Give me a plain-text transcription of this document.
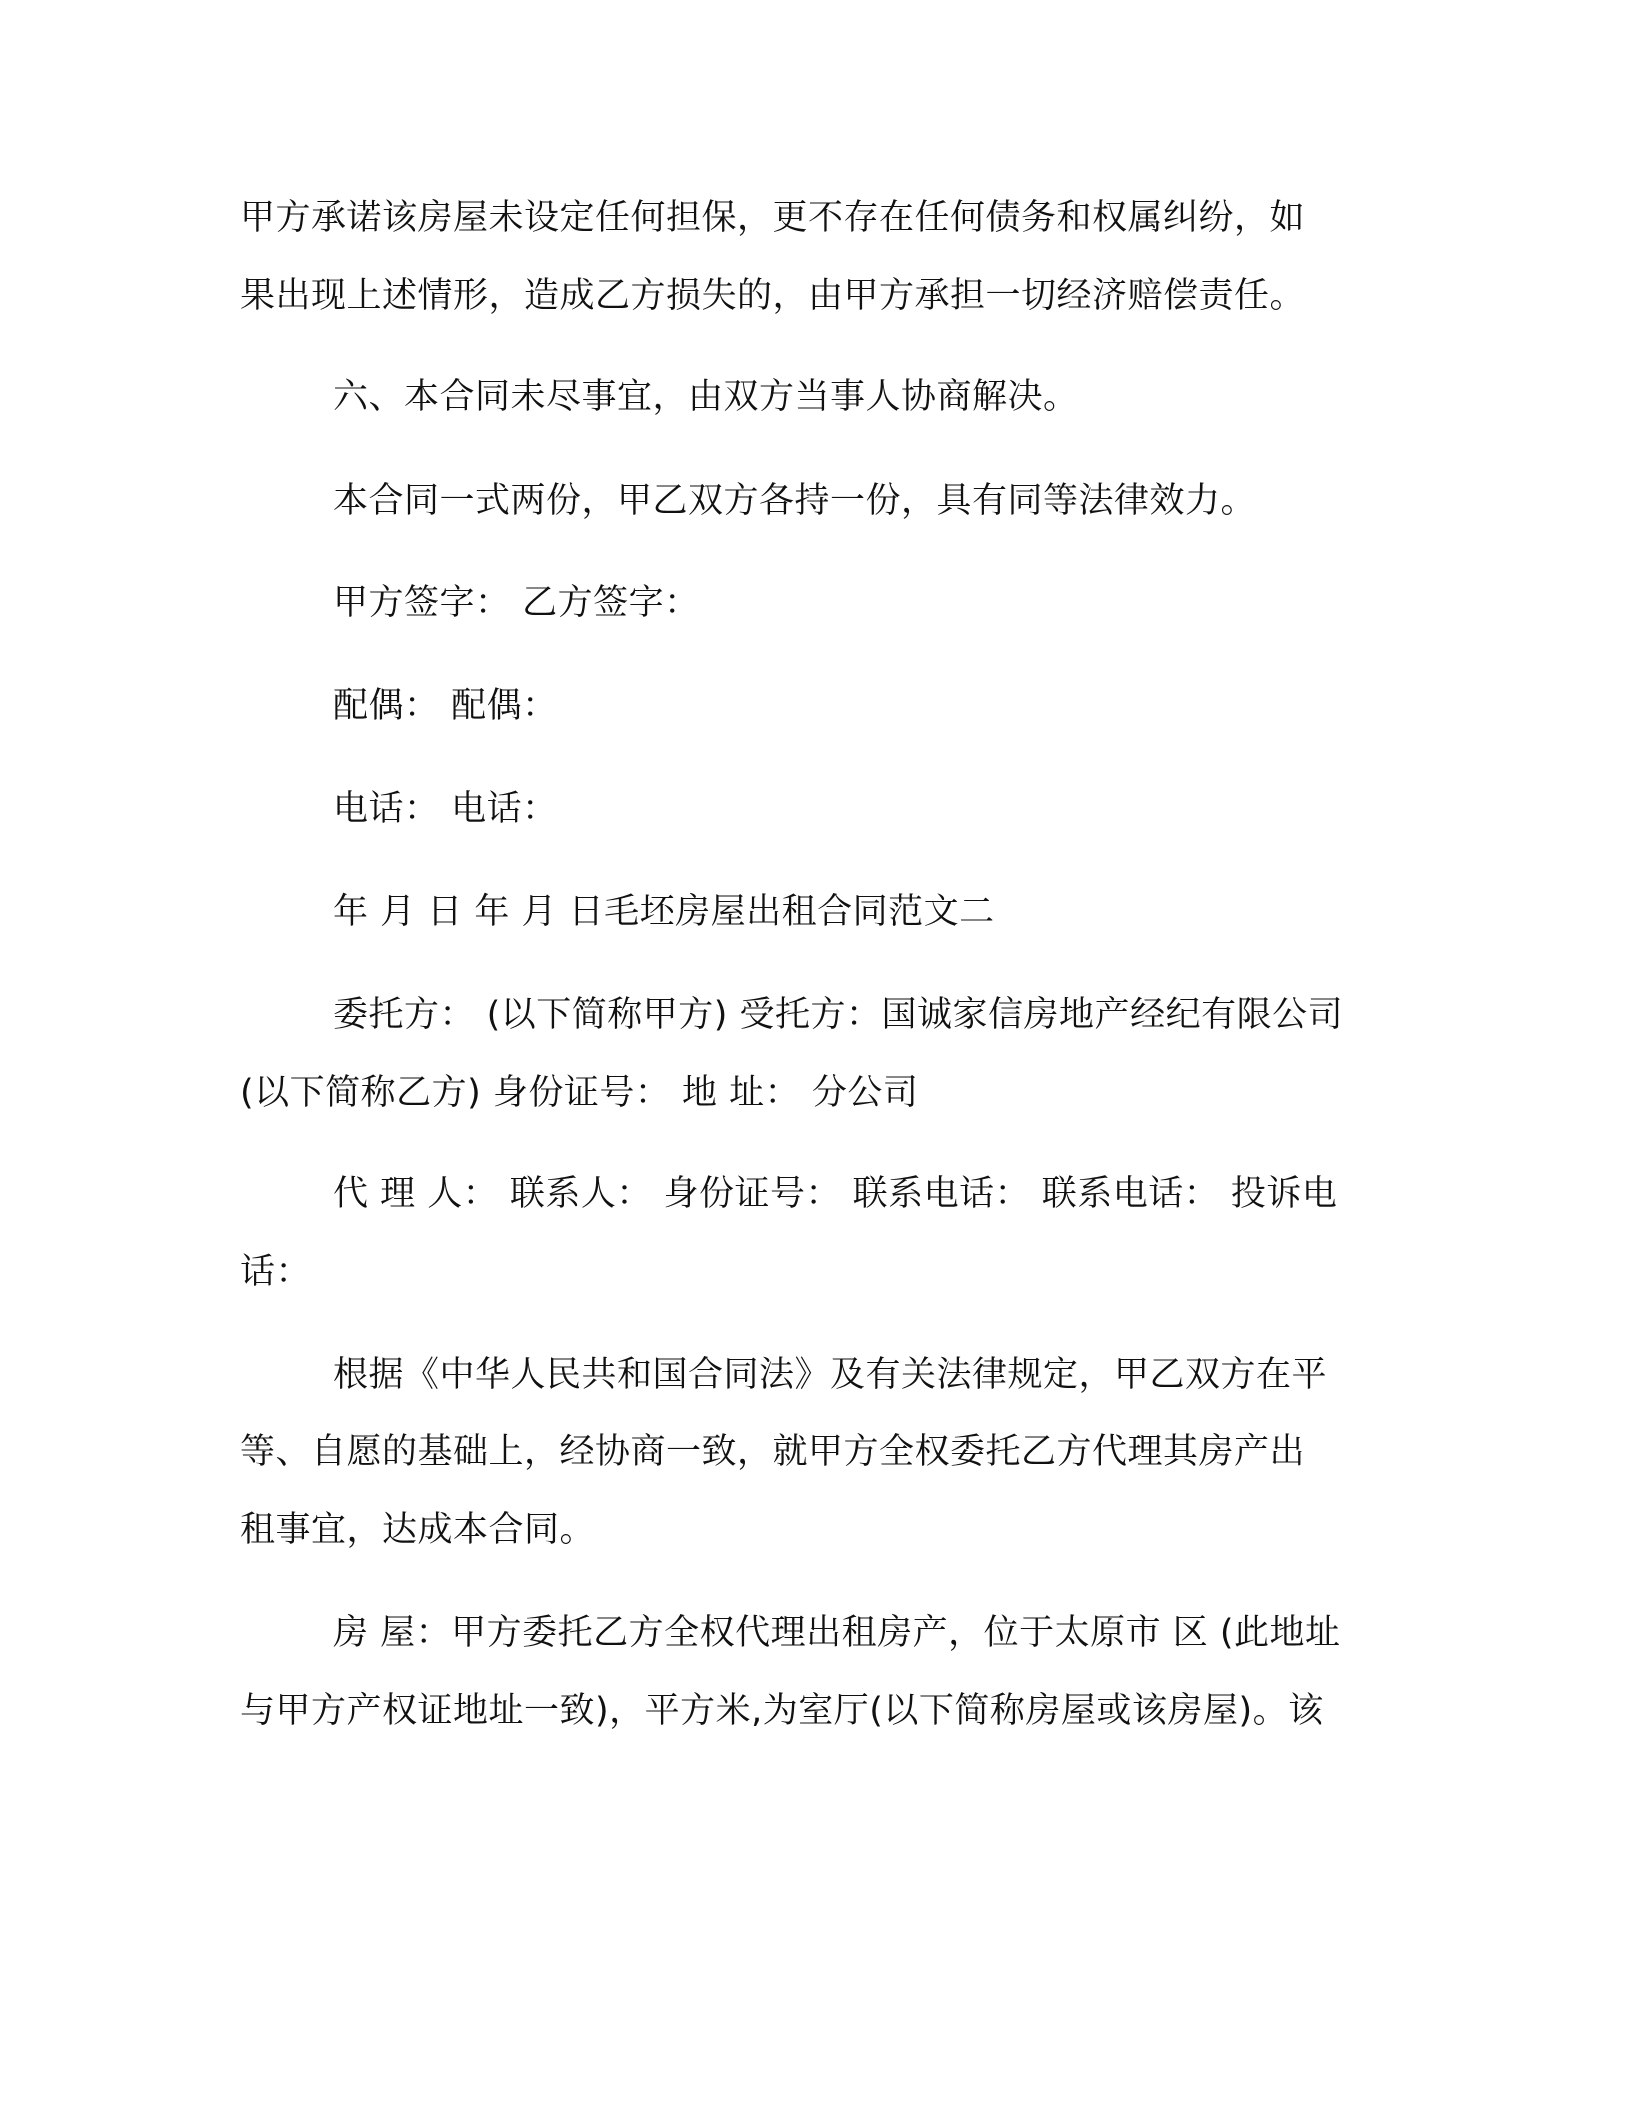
甲方承诺该房屋未设定任何担保，更不存在任何债务和权属纠纷，如
果出现上述情形，造成乙方损失的，由甲方承担一切经济赔偿责任。
六、本合同未尽事宜，由双方当事人协商解决。
本合同一式两份，甲乙双方各持一份，具有同等法律效力。
甲方签字： 乙方签字：
配偶： 配偶：
电话： 电话：
年 月 日 年 月 日毛坯房屋出租合同范文二
委托方： (以下简称甲方) 受托方：国诚家信房地产经纪有限公司
(以下简称乙方) 身份证号： 地 址： 分公司
代 理 人： 联系人： 身份证号： 联系电话： 联系电话： 投诉电
话：
根据《中华人民共和国合同法》及有关法律规定，甲乙双方在平
等、自愿的基础上，经协商一致，就甲方全权委托乙方代理其房产出
租事宜，达成本合同。
房 屋：甲方委托乙方全权代理出租房产，位于太原市 区 (此地址
与甲方产权证地址一致)，平方米,为室厅(以下简称房屋或该房屋)。该
